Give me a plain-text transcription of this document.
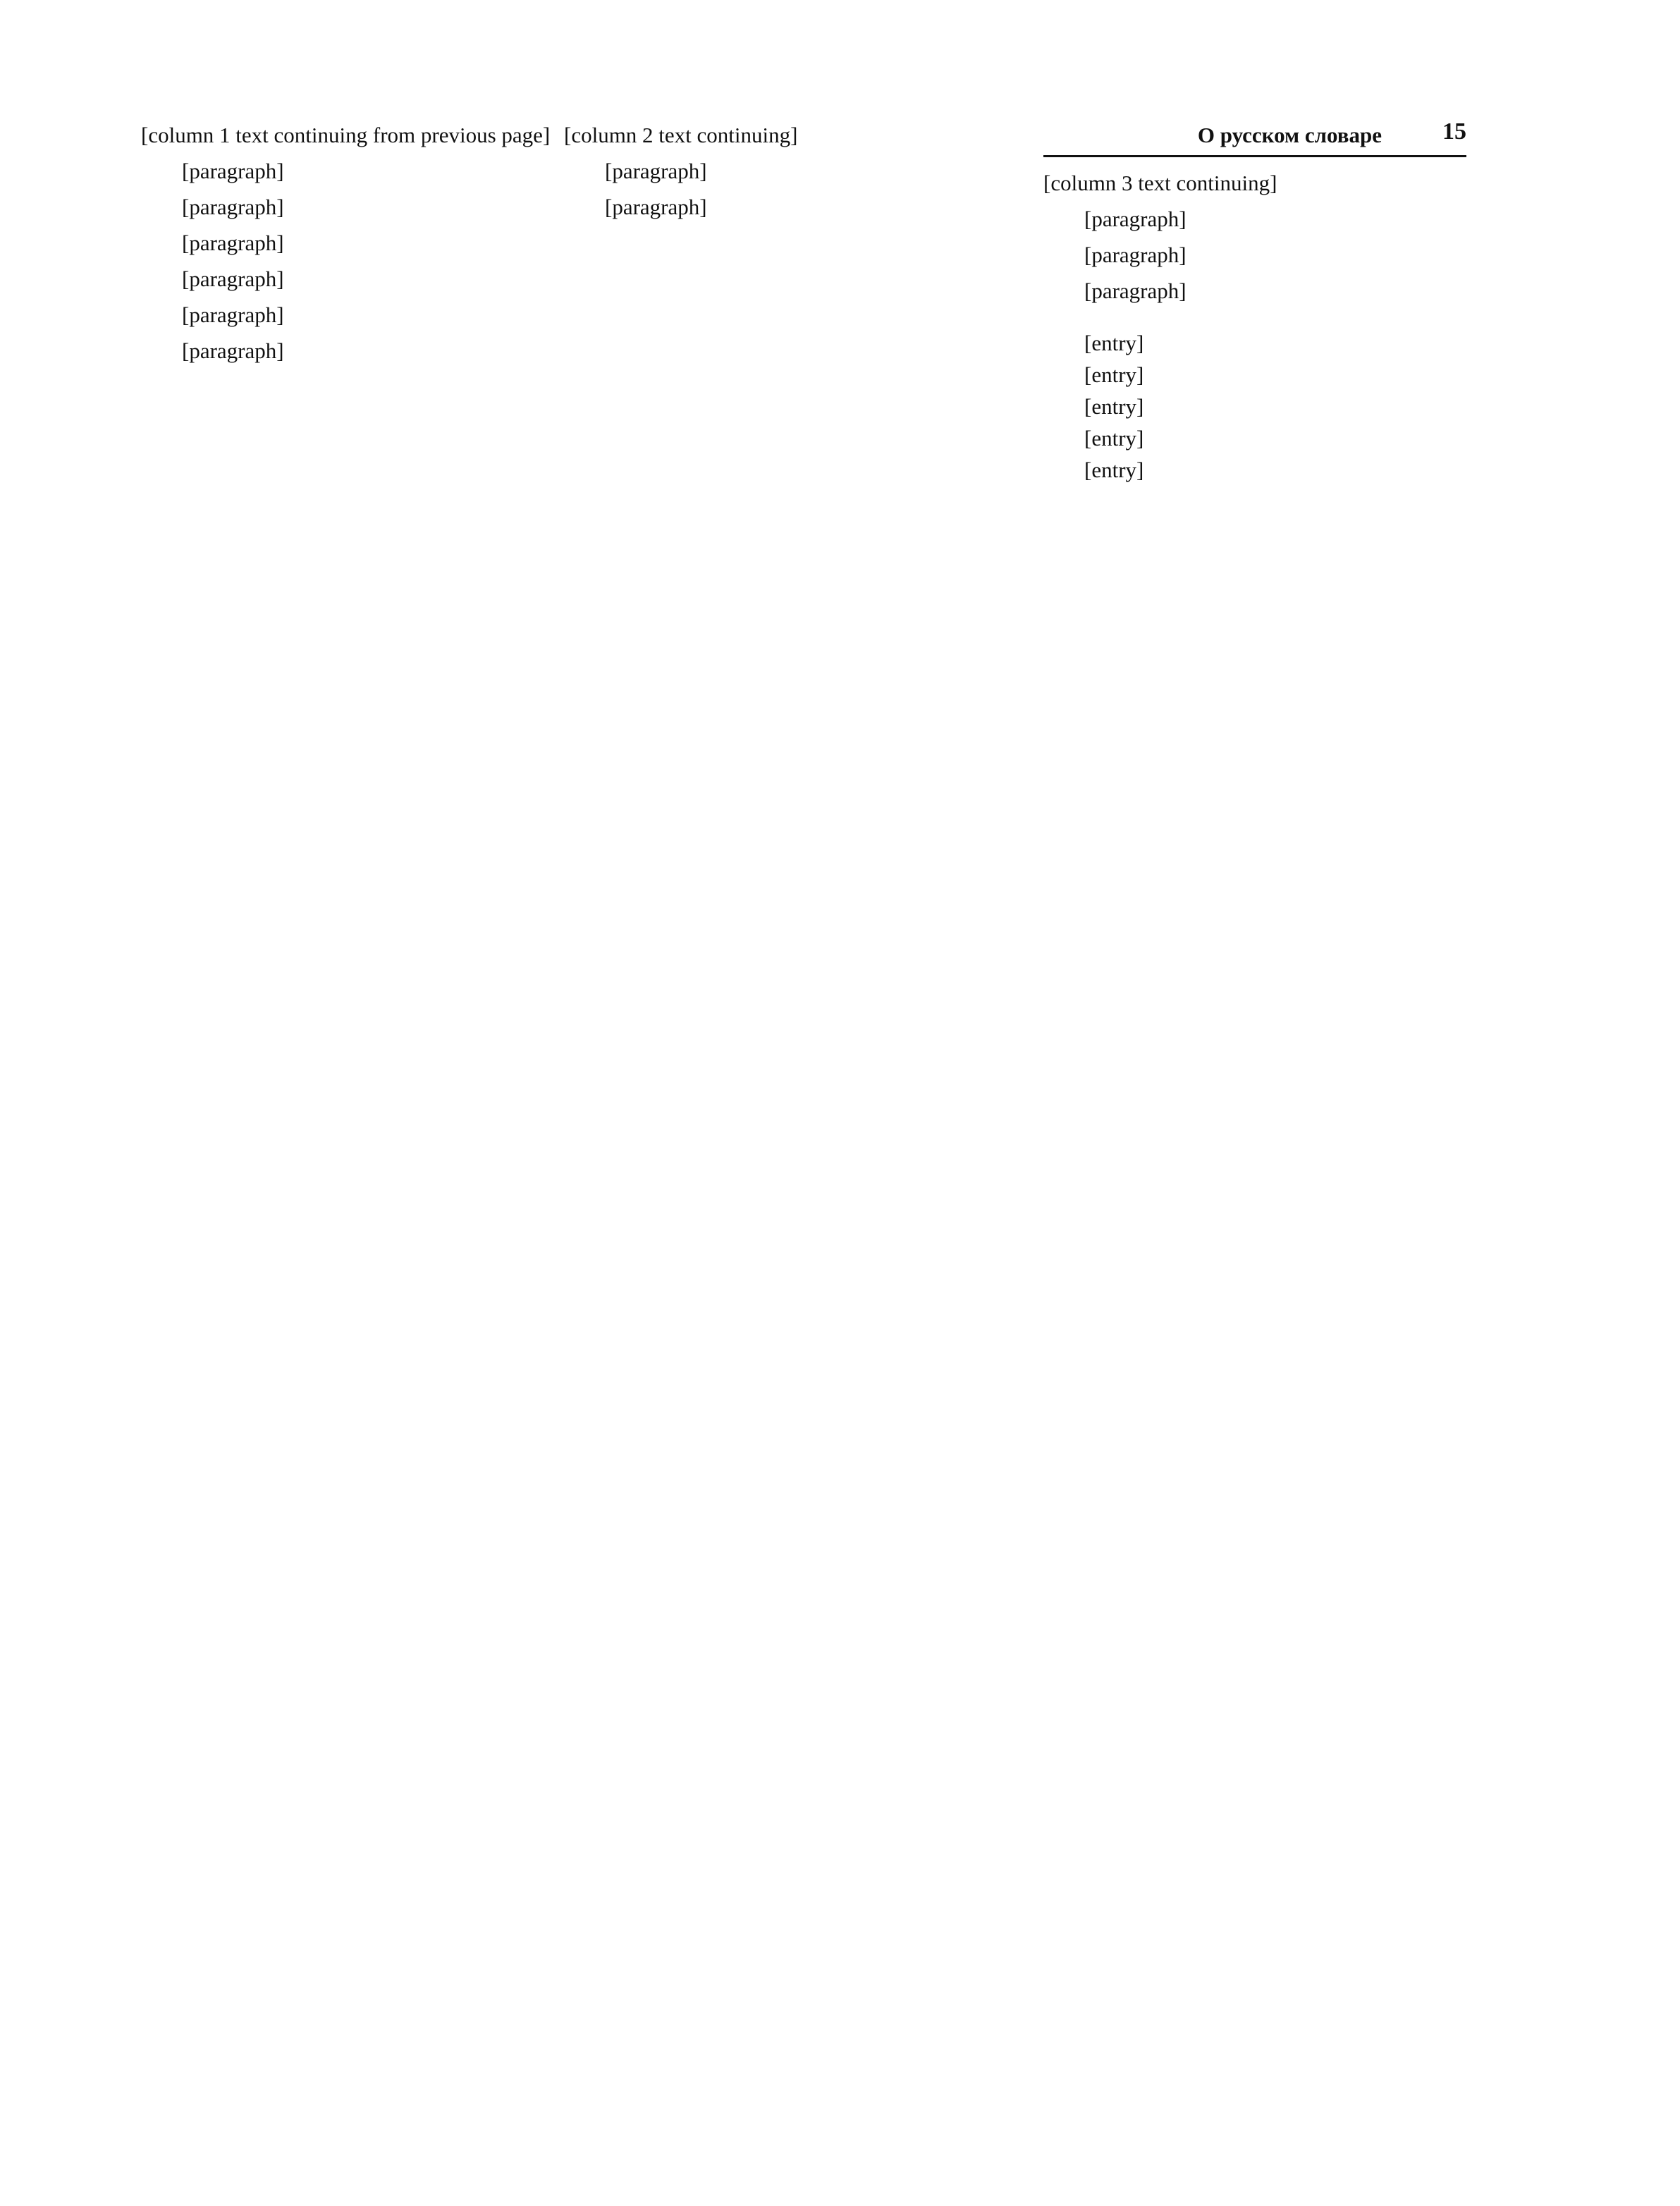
О русском словаре	15

[column 1 text continuing from previous page]

[paragraph]

[paragraph]

[paragraph]

[paragraph]

[paragraph]

[paragraph]

[column 2 text continuing]

[paragraph]

[paragraph]

[column 3 text continuing]

[paragraph]

[paragraph]

[paragraph]

[entry]
[entry]
[entry]
[entry]
[entry]
